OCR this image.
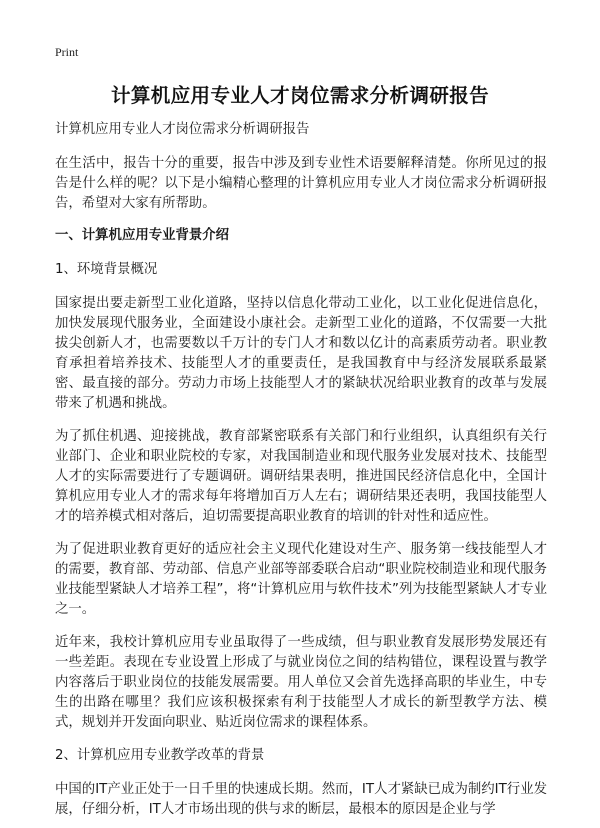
Print
计算机应用专业人才岗位需求分析调研报告

计算机应用专业人才岗位需求分析调研报告

在生活中，报告十分的重要，报告中涉及到专业性术语要解释清楚。你所见过的报告是什么样的呢？以下是小编精心整理的计算机应用专业人才岗位需求分析调研报告，希望对大家有所帮助。

一、计算机应用专业背景介绍

1、环境背景概况

国家提出要走新型工业化道路，坚持以信息化带动工业化，以工业化促进信息化，加快发展现代服务业，全面建设小康社会。走新型工业化的道路，不仅需要一大批拔尖创新人才，也需要数以千万计的专门人才和数以亿计的高素质劳动者。职业教育承担着培养技术、技能型人才的重要责任，是我国教育中与经济发展联系最紧密、最直接的部分。劳动力市场上技能型人才的紧缺状况给职业教育的改革与发展带来了机遇和挑战。

为了抓住机遇、迎接挑战，教育部紧密联系有关部门和行业组织，认真组织有关行业部门、企业和职业院校的专家，对我国制造业和现代服务业发展对技术、技能型人才的实际需要进行了专题调研。调研结果表明，推进国民经济信息化中，全国计算机应用专业人才的需求每年将增加百万人左右；调研结果还表明，我国技能型人才的培养模式相对落后，迫切需要提高职业教育的培训的针对性和适应性。

为了促进职业教育更好的适应社会主义现代化建设对生产、服务第一线技能型人才的需要，教育部、劳动部、信息产业部等部委联合启动“职业院校制造业和现代服务业技能型紧缺人才培养工程”，将“计算机应用与软件技术”列为技能型紧缺人才专业之一。

近年来，我校计算机应用专业虽取得了一些成绩，但与职业教育发展形势发展还有一些差距。表现在专业设置上形成了与就业岗位之间的结构错位，课程设置与教学内容落后于职业岗位的技能发展需要。用人单位又会首先选择高职的毕业生，中专生的出路在哪里？我们应该积极探索有利于技能型人才成长的新型教学方法、模式，规划并开发面向职业、贴近岗位需求的课程体系。

2、计算机应用专业教学改革的背景

中国的IT产业正处于一日千里的快速成长期。然而，IT人才紧缺已成为制约IT行业发展，仔细分析，IT人才市场出现的供与求的断层，最根本的原因是企业与学
